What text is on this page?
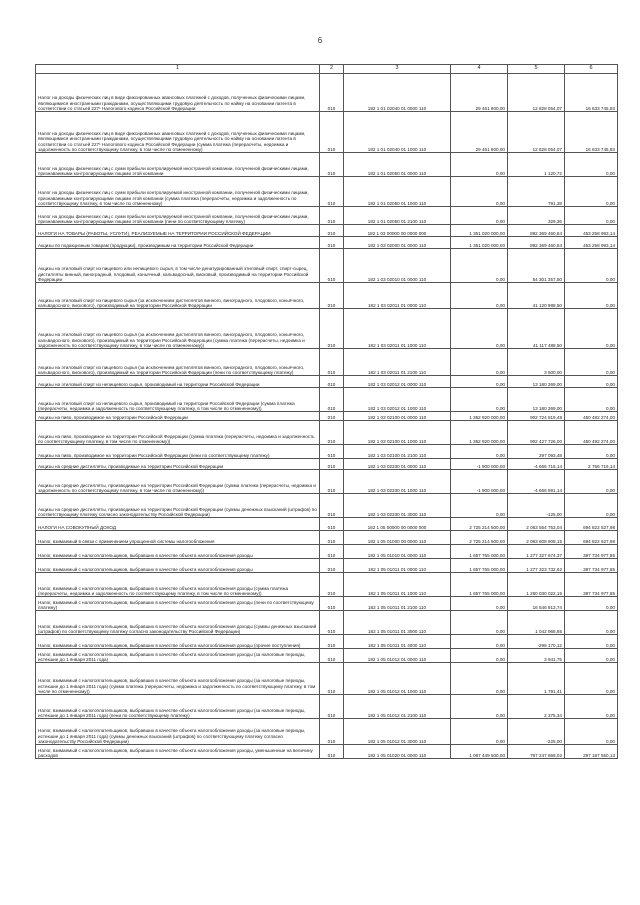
6
1	2	3	4	5	6
Налог на доходы физических лиц в виде фиксированных авансовых платежей с доходов, полученных физическими лицами, являющимися иностранными гражданами, осуществляющими трудовую деятельность по найму на основании патента в соответствии со статьей 227¹ Налогового кодекса Российской Федерации	010	182 1 01 02040 01 0000 110	29 461 800,00	12 828 054,07	16 633 745,93
Налог на доходы физических лиц в виде фиксированных авансовых платежей с доходов, полученных физическими лицами, являющимися иностранными гражданами, осуществляющими трудовую деятельность по найму на основании патента в соответствии со статьей 227¹ Налогового кодекса Российской Федерации (сумма платежа (перерасчеты, недоимка и задолженность по соответствующему платежу, в том числе по отмененному)	010	182 1 01 02040 01 1000 110	29 461 800,00	12 828 054,07	16 633 745,93
Налог на доходы физических лиц с сумм прибыли контролируемой иностранной компании, полученной физическими лицами, признаваемыми контролирующими лицами этой компании	010	182 1 01 02050 01 0000 110	0,00	1 120,72	0,00
Налог на доходы физических лиц с сумм прибыли контролируемой иностранной компании, полученной физическими лицами, признаваемыми контролирующими лицами этой компании (сумма платежа (перерасчеты, недоимка и задолженность по соответствующему платежу, в том числе по отмененному)	010	182 1 01 02050 01 1000 110	0,00	791,38	0,00
Налог на доходы физических лиц с сумм прибыли контролируемой иностранной компании, полученной физическими лицами, признаваемыми контролирующими лицами этой компании (пени по соответствующему платежу)	010	182 1 01 02050 01 2100 110	0,00	329,36	0,00
НАЛОГИ НА ТОВАРЫ (РАБОТЫ, УСЛУГИ), РЕАЛИЗУЕМЫЕ НА ТЕРРИТОРИИ РОССИЙСКОЙ ФЕДЕРАЦИИ	010	182 1 03 00000 00 0000 000	1 351 020 000,00	892 369 460,84	453 258 993,14
Акцизы по подакцизным товарам (продукции), производимым на территории Российской Федерации	010	182 1 03 02000 01 0000 110	1 351 020 000,00	892 369 460,84	453 258 993,14
Акцизы на этиловый спирт из пищевого или непищевого сырья, в том числе денатурированный этиловый спирт, спирт-сырец, дистилляты винный, виноградный, плодовый, коньячный, кальвадосный, висковый, производимый на территории Российской Федерации	010	182 1 03 02010 01 0000 110	0,00	54 301 357,50	0,00
Акцизы на этиловый спирт из пищевого сырья (за исключением дистиллятов винного, виноградного, плодового, коньячного, кальвадосного, вискового), производимый на территории Российской Федерации	010	182 1 03 02011 01 0000 110	0,00	41 120 988,50	0,00
Акцизы на этиловый спирт из пищевого сырья (за исключением дистиллятов винного, виноградного, плодового, коньячного, кальвадосного, вискового), производимый на территории Российской Федерации (сумма платежа (перерасчеты, недоимка и задолженность по соответствующему платежу, в том числе по отмененному))	010	182 1 03 02011 01 1000 110	0,00	41 117 488,50	0,00
Акцизы на этиловый спирт из пищевого сырья (за исключением дистиллятов винного, виноградного, плодового, коньячного, кальвадосного, вискового), производимый на территории Российской Федерации (пени по соответствующему платежу)	010	182 1 03 02011 01 2100 110	0,00	3 500,00	0,00
Акцизы на этиловый спирт из непищевого сырья, производимый на территории Российской Федерации	010	182 1 03 02012 01 0000 110	0,00	13 180 369,00	0,00
Акцизы на этиловый спирт из непищевого сырья, производимый на территории Российской Федерации (сумма платежа (перерасчеты, недоимка и задолженность по соответствующему платежу, в том числе по отмененному))	010	182 1 03 02012 01 1000 110	0,00	13 180 369,00	0,00
Акцизы на пиво, производимое на территории Российской Федерации	010	182 1 03 02100 01 0000 110	1 352 920 000,00	902 724 819,48	450 482 274,00
Акцизы на пиво, производимое на территории Российской Федерации (сумма платежа (перерасчеты, недоимка и задолженность по соответствующему платежу, в том числе по отмененному))	010	182 1 03 02100 01 1000 110	1 352 920 000,00	902 427 726,00	450 492 274,00
Акцизы на пиво, производимое на территории Российской Федерации (пени по соответствующему платежу)	010	182 1 03 02100 01 2100 110	0,00	297 093,48	0,00
Акцизы на средние дистилляты, производимые на территории Российской Федерации	010	182 1 03 02330 01 0000 110	-1 900 000,00	-4 666 716,14	2 766 716,14
Акцизы на средние дистилляты, производимые на территории Российской Федерации (сумма платежа (перерасчеты, недоимка и задолженность по соответствующему платежу, в том числе по отмененному))	010	182 1 03 02330 01 1000 110	-1 900 000,00	-4 666 591,14	0,00
Акцизы на средние дистилляты, производимые на территории Российской Федерации (суммы денежных взысканий (штрафов) по соответствующему платежу согласно законодательству Российской Федерации)	010	182 1 03 02330 01 3000 110	0,00	-125,00	0,00
НАЛОГИ НА СОВОКУПНЫЙ ДОХОД	010	182 1 05 00000 00 0000 000	2 725 214 500,00	2 063 554 753,04	694 822 527,98
Налог, взимаемый в связи с применением упрощенной системы налогообложения	010	182 1 05 01000 00 0000 110	2 725 214 500,00	2 063 608 908,15	694 822 527,98
Налог, взимаемый с налогоплательщиков, выбравших в качестве объекта налогообложения доходы	010	182 1 05 01010 01 0000 110	1 657 765 000,00	1 277 327 674,37	397 734 977,85
Налог, взимаемый с налогоплательщиков, выбравших в качестве объекта налогообложения доходы	010	182 1 05 01011 01 0000 110	1 657 765 000,00	1 277 323 732,62	397 734 977,85
Налог, взимаемый с налогоплательщиков, выбравших в качестве объекта налогообложения доходы (сумма платежа (перерасчеты, недоимка и задолженность по соответствующему платежу, в том числе по отмененному))	010	182 1 05 01011 01 1000 110	1 657 765 000,00	1 260 030 022,15	397 734 977,85
Налог, взимаемый с налогоплательщиков, выбравших в качестве объекта налогообложения доходы (пени по соответствующему платежу)	010	182 1 05 01011 01 2100 110	0,00	16 546 913,74	0,00
Налог, взимаемый с налогоплательщиков, выбравших в качестве объекта налогообложения доходы (суммы денежных взысканий (штрафов) по соответствующему платежу согласно законодательству Российской Федерации)	010	182 1 05 01011 01 3000 110	0,00	1 042 966,85	0,00
Налог, взимаемый с налогоплательщиков, выбравших в качестве объекта налогообложения доходы (прочие поступления)	010	182 1 05 01011 01 4000 110	0,00	-298 170,12	0,00
Налог, взимаемый с налогоплательщиков, выбравших в качестве объекта налогообложения доходы (за налоговые периоды, истекшие до 1 января 2011 года)	010	182 1 05 01012 01 0000 110	0,00	3 941,75	0,00
Налог, взимаемый с налогоплательщиков, выбравших в качестве объекта налогообложения доходы (за налоговые периоды, истекшие до 1 января 2011 года) (сумма платежа (перерасчеты, недоимка и задолженность по соответствующему платежу, в том числе по отмененному))	010	182 1 05 01012 01 1000 110	0,00	1 791,41	0,00
Налог, взимаемый с налогоплательщиков, выбравших в качестве объекта налогообложения доходы (за налоговые периоды, истекшие до 1 января 2011 года) (пени по соответствующему платежу)	010	182 1 05 01012 01 2100 110	0,00	2 375,34	0,00
Налог, взимаемый с налогоплательщиков, выбравших в качестве объекта налогообложения доходы (за налоговые периоды, истекшие до 1 января 2011 года) (суммы денежных взысканий (штрафов) по соответствующему платежу согласно законодательству Российской Федерации)	010	182 1 05 01012 01 3000 110	0,00	-225,00	0,00
Налог, взимаемый с налогоплательщиков, выбравших в качестве объекта налогообложения доходы, уменьшенные на величину расходов	010	182 1 05 01020 01 0000 110	1 067 449 500,00	767 247 868,02	297 187 550,13
